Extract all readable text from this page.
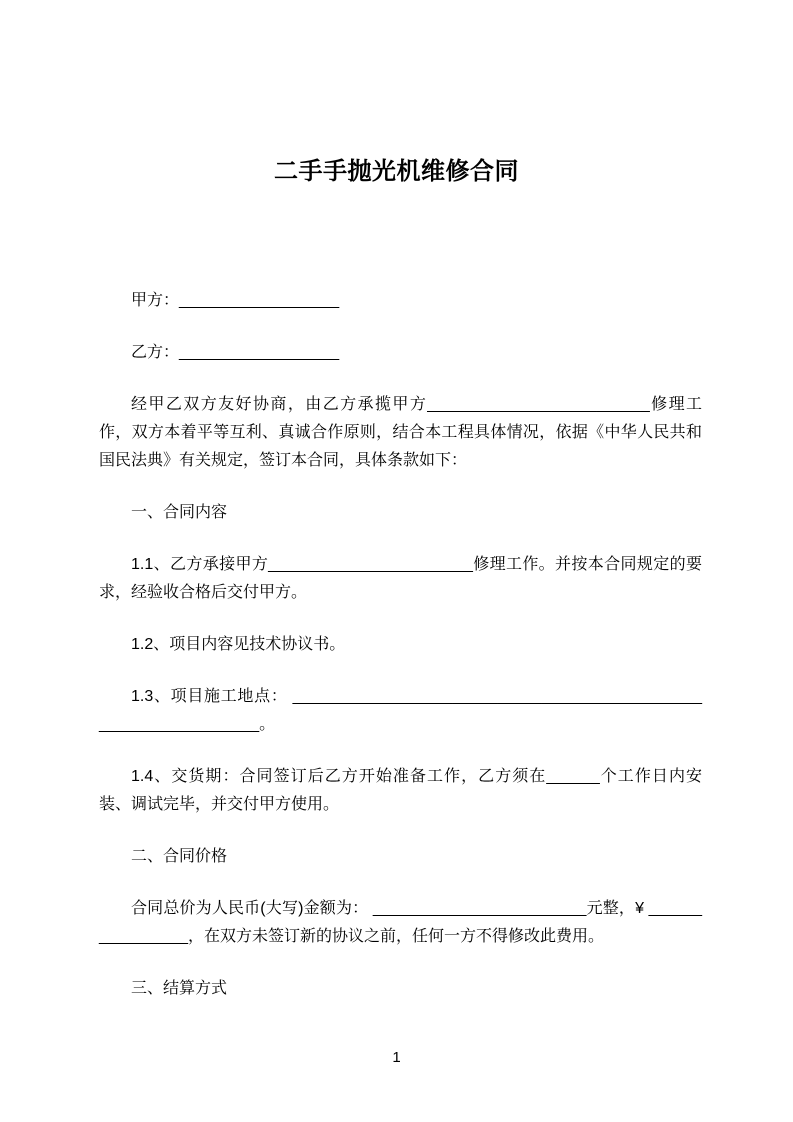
二手手抛光机维修合同

甲方：__________________

乙方：__________________

经甲乙双方友好协商，由乙方承揽甲方_________________________修理工作，双方本着平等互利、真诚合作原则，结合本工程具体情况，依据《中华人民共和国民法典》有关规定，签订本合同，具体条款如下：

一、合同内容

1.1、乙方承接甲方_______________________修理工作。并按本合同规定的要求，经验收合格后交付甲方。

1.2、项目内容见技术协议书。

1.3、项目施工地点： ________________________________________________________________。

1.4、交货期：合同签订后乙方开始准备工作，乙方须在______个工作日内安装、调试完毕，并交付甲方使用。

二、合同价格

合同总价为人民币(大写)金额为： ________________________元整，¥ ________________，在双方未签订新的协议之前，任何一方不得修改此费用。

三、结算方式

1
